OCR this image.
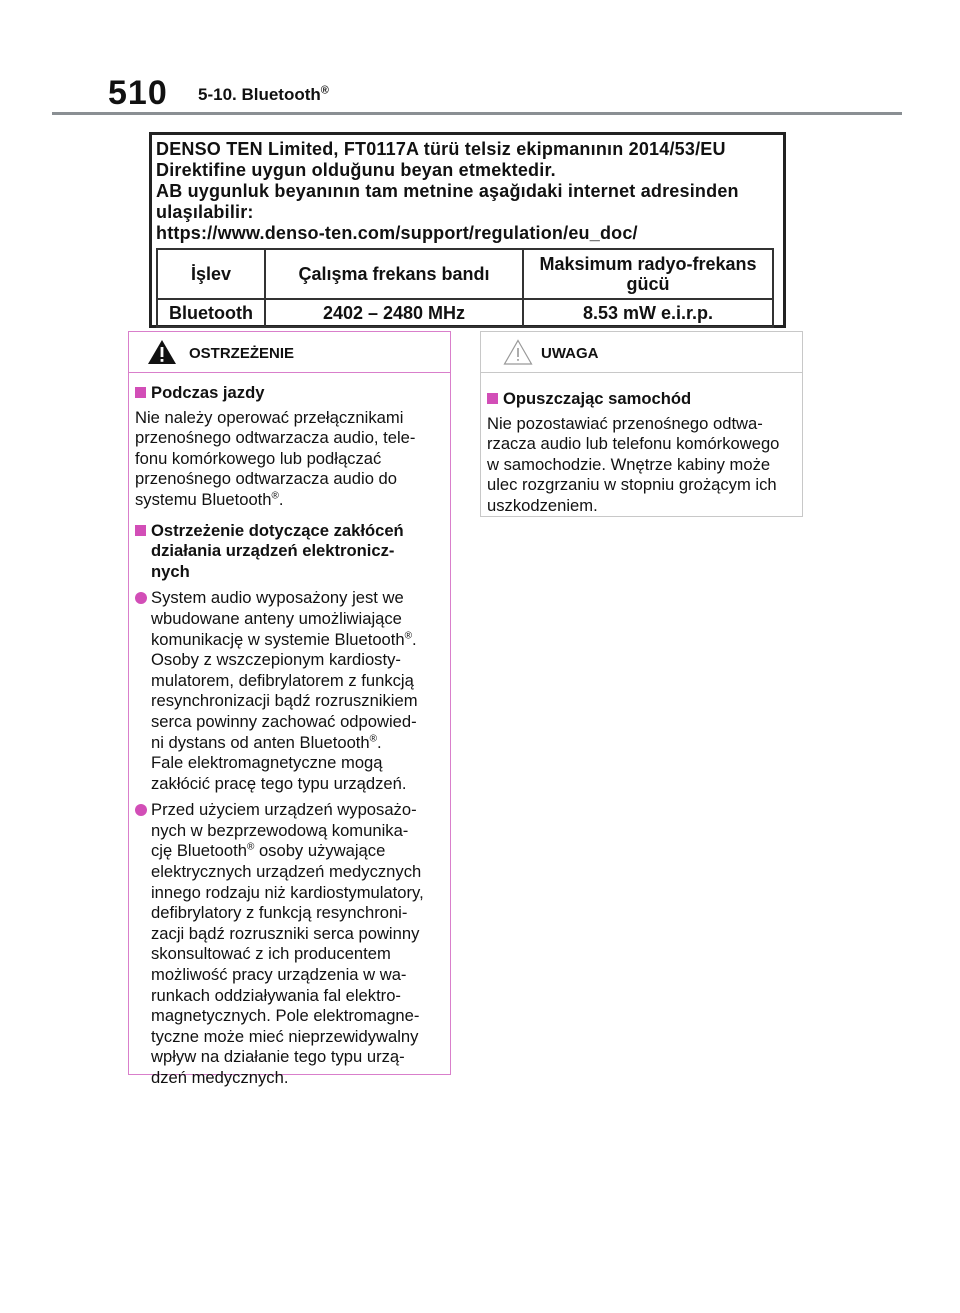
510 5-10. Bluetooth®
DENSO TEN Limited, FT0117A türü telsiz ekipmanının 2014/53/EU
Direktifine uygun olduğunu beyan etmektedir.
AB uygunluk beyanının tam metnine aşağıdaki internet adresinden
ulaşılabilir:
https://www.denso-ten.com/support/regulation/eu_doc/
İşlev	Çalışma frekans bandı	Maksimum radyo-frekans gücü
Bluetooth	2402 – 2480 MHz	8.53 mW e.i.r.p.
OSTRZEŻENIE
Podczas jazdy
Nie należy operować przełącznikami
przenośnego odtwarzacza audio, tele-
fonu komórkowego lub podłączać
przenośnego odtwarzacza audio do
systemu Bluetooth®.
Ostrzeżenie dotyczące zakłóceń
działania urządzeń elektronicz-
nych
System audio wyposażony jest we
wbudowane anteny umożliwiające
komunikację w systemie Bluetooth®.
Osoby z wszczepionym kardiosty-
mulatorem, defibrylatorem z funkcją
resynchronizacji bądź rozrusznikiem
serca powinny zachować odpowied-
ni dystans od anten Bluetooth®.
Fale elektromagnetyczne mogą
zakłócić pracę tego typu urządzeń.
Przed użyciem urządzeń wyposażo-
nych w bezprzewodową komunika-
cję Bluetooth® osoby używające
elektrycznych urządzeń medycznych
innego rodzaju niż kardiostymulatory,
defibrylatory z funkcją resynchroni-
zacji bądź rozruszniki serca powinny
skonsultować z ich producentem
możliwość pracy urządzenia w wa-
runkach oddziaływania fal elektro-
magnetycznych. Pole elektromagne-
tyczne może mieć nieprzewidywalny
wpływ na działanie tego typu urzą-
dzeń medycznych.
UWAGA
Opuszczając samochód
Nie pozostawiać przenośnego odtwa-
rzacza audio lub telefonu komórkowego
w samochodzie. Wnętrze kabiny może
ulec rozgrzaniu w stopniu grożącym ich
uszkodzeniem.
